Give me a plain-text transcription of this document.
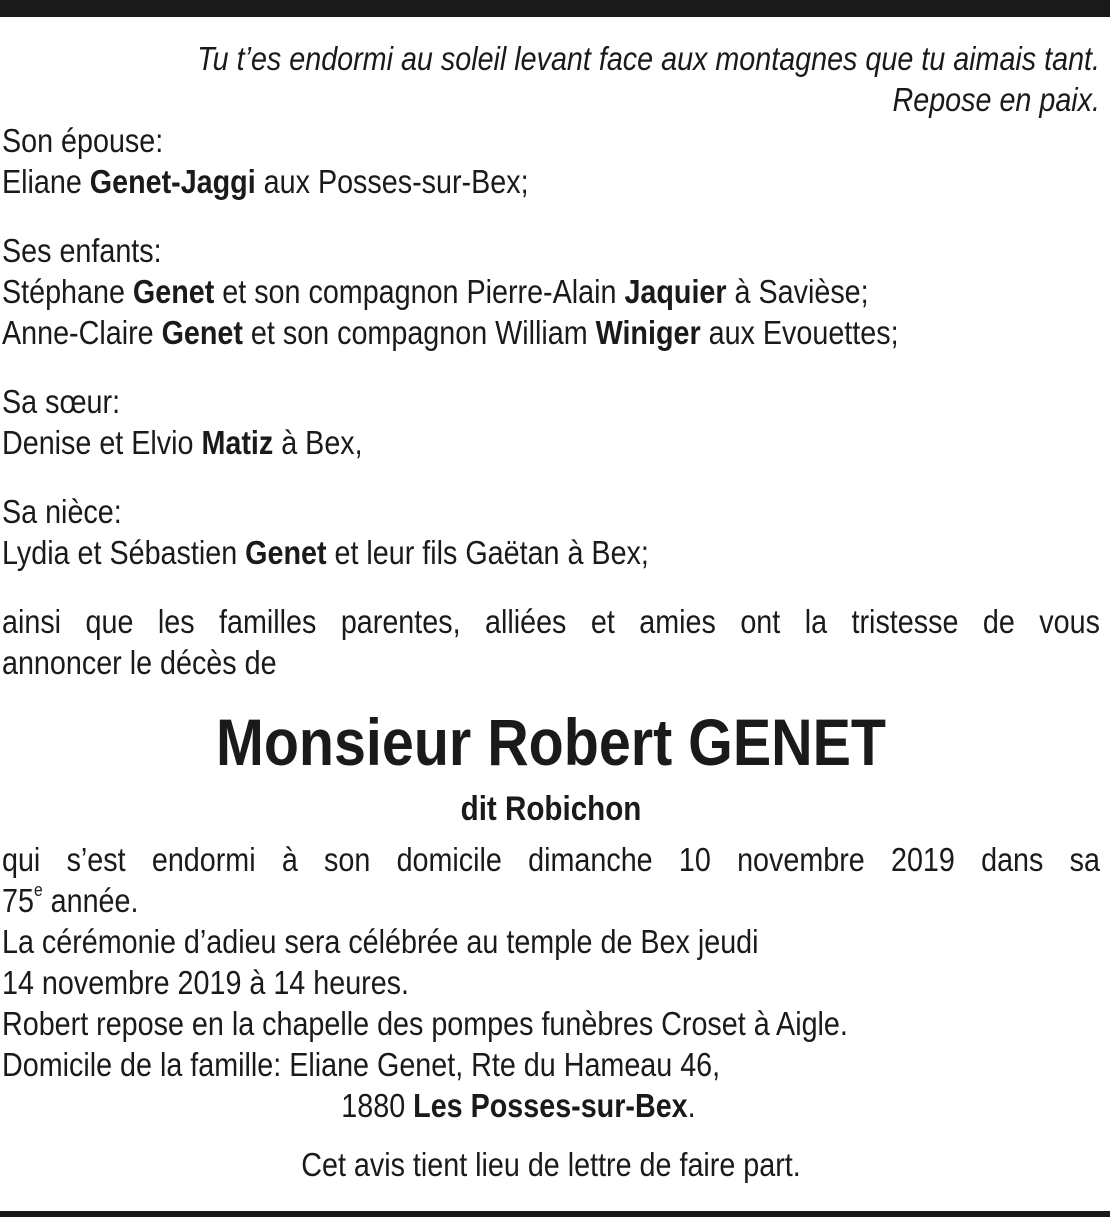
Tu t’es endormi au soleil levant face aux montagnes que tu aimais tant.

Repose en paix.

Son épouse:

Eliane Genet-Jaggi aux Posses-sur-Bex;

Ses enfants:

Stéphane Genet et son compagnon Pierre-Alain Jaquier à Savièse;

Anne-Claire Genet et son compagnon William Winiger aux Evouettes;

Sa sœur:

Denise et Elvio Matiz à Bex,

Sa nièce:

Lydia et Sébastien Genet et leur fils Gaëtan à Bex;

ainsi que les familles parentes, alliées et amies ont la tristesse de vous

annoncer le décès de

Monsieur Robert GENET
dit Robichon

qui s’est endormi à son domicile dimanche 10 novembre 2019 dans sa

75e année.

La cérémonie d’adieu sera célébrée au temple de Bex jeudi

14 novembre 2019 à 14 heures.

Robert repose en la chapelle des pompes funèbres Croset à Aigle.

Domicile de la famille: Eliane Genet, Rte du Hameau 46,

1880 Les Posses-sur-Bex.

Cet avis tient lieu de lettre de faire part.
